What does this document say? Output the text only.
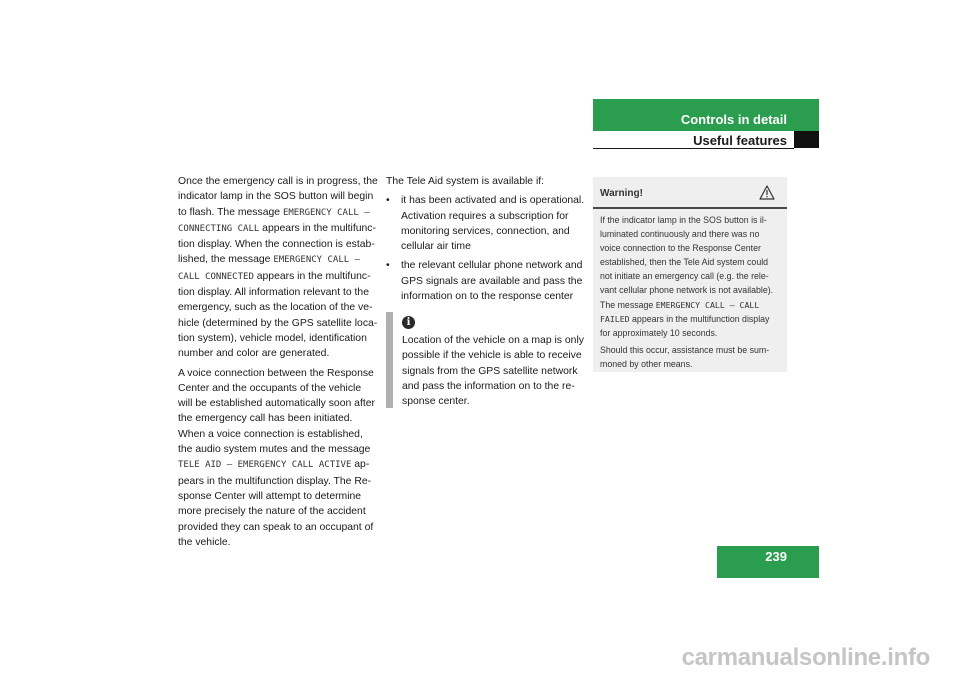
Controls in detail
Useful features

Once the emergency call is in progress, the indicator lamp in the SOS button will begin to flash. The message EMERGENCY CALL – CONNECTING CALL appears in the multifunction display. When the connection is established, the message EMERGENCY CALL – CALL CONNECTED appears in the multifunction display. All information relevant to the emergency, such as the location of the vehicle (determined by the GPS satellite location system), vehicle model, identification number and color are generated.

A voice connection between the Response Center and the occupants of the vehicle will be established automatically soon after the emergency call has been initiated. When a voice connection is established, the audio system mutes and the message TELE AID – EMERGENCY CALL ACTIVE appears in the multifunction display. The Response Center will attempt to determine more precisely the nature of the accident provided they can speak to an occupant of the vehicle.

The Tele Aid system is available if:

• it has been activated and is operational. Activation requires a subscription for monitoring services, connection, and cellular air time
• the relevant cellular phone network and GPS signals are available and pass the information on to the response center
i
Location of the vehicle on a map is only possible if the vehicle is able to receive signals from the GPS satellite network and pass the information on to the response center.
Warning!

If the indicator lamp in the SOS button is illuminated continuously and there was no voice connection to the Response Center established, then the Tele Aid system could not initiate an emergency call (e.g. the relevant cellular phone network is not available). The message EMERGENCY CALL – CALL FAILED appears in the multifunction display for approximately 10 seconds.

Should this occur, assistance must be summoned by other means.

239
carmanualsonline.info
